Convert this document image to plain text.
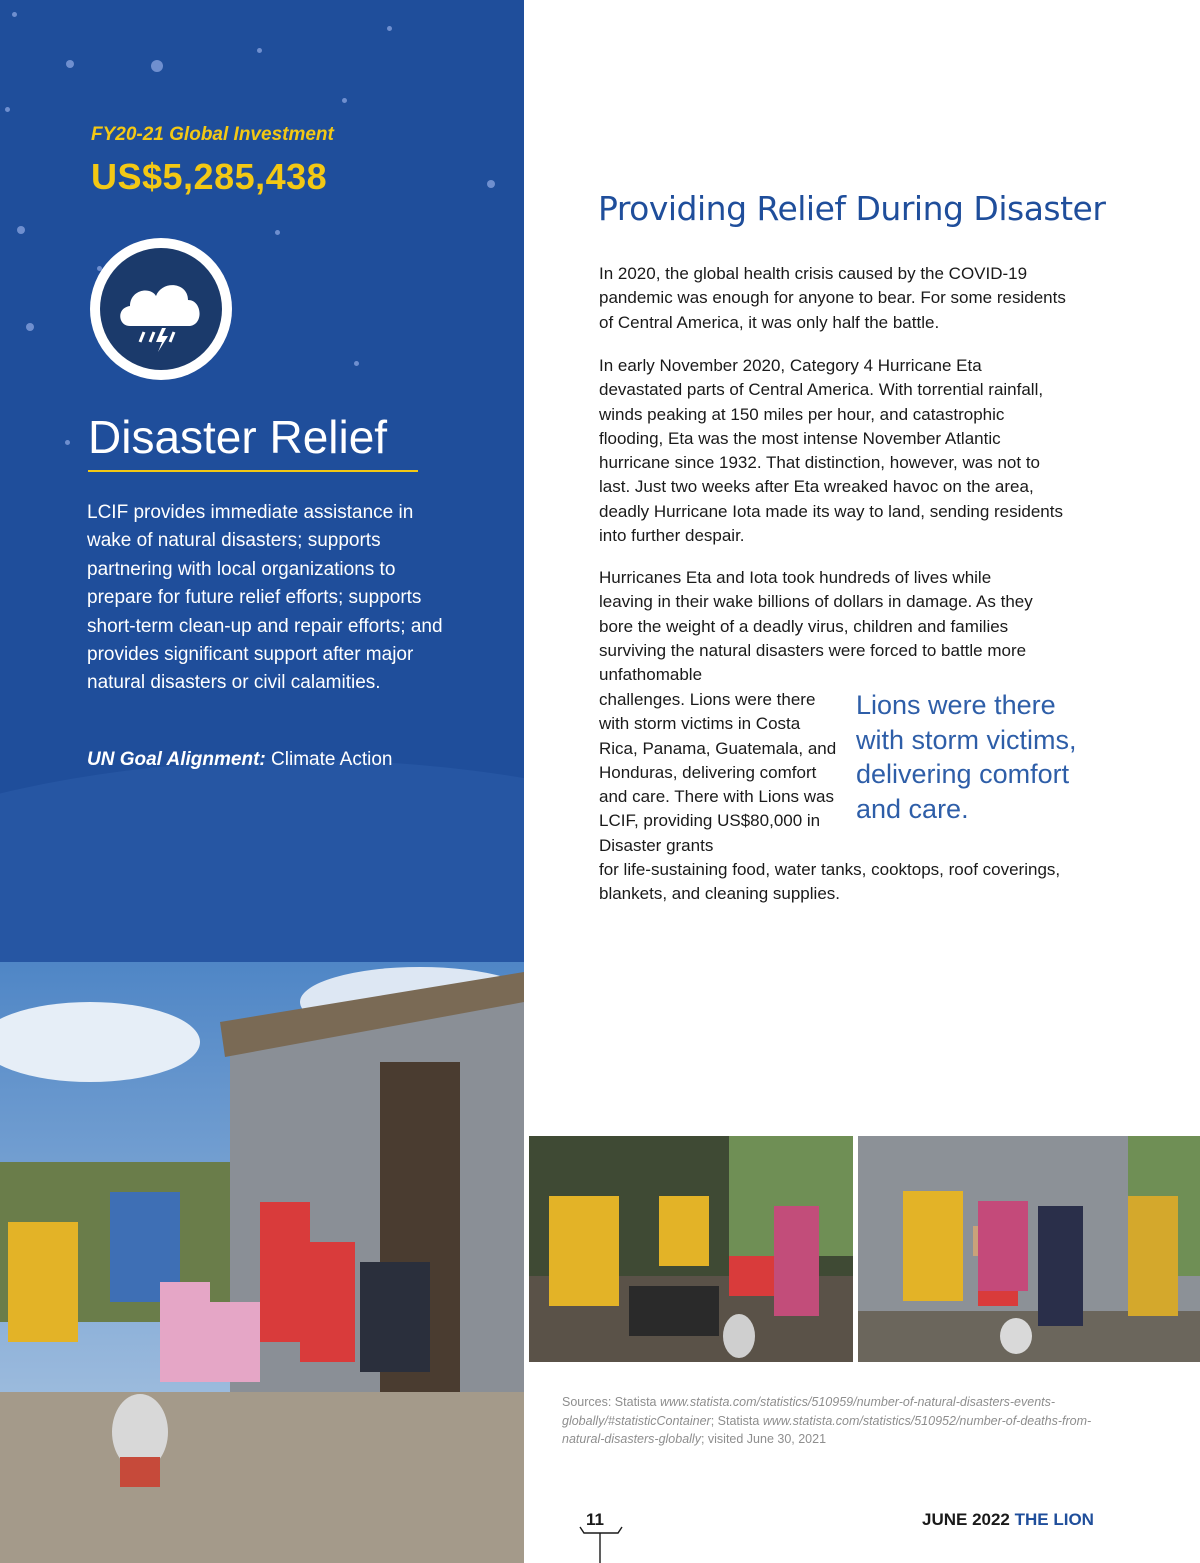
FY20-21 Global Investment

US$5,285,438

Disaster Relief

LCIF provides immediate assistance in wake of natural disasters; supports partnering with local organizations to prepare for future relief efforts; supports short-term clean-up and repair efforts; and provides significant support after major natural disasters or civil calamities.

UN Goal Alignment: Climate Action

Providing Relief During Disaster

In 2020, the global health crisis caused by the COVID-19 pandemic was enough for anyone to bear. For some residents of Central America, it was only half the battle.

In early November 2020, Category 4 Hurricane Eta devastated parts of Central America. With torrential rainfall, winds peaking at 150 miles per hour, and catastrophic flooding, Eta was the most intense November Atlantic hurricane since 1932. That distinction, however, was not to last. Just two weeks after Eta wreaked havoc on the area, deadly Hurricane Iota made its way to land, sending residents into further despair.

Hurricanes Eta and Iota took hundreds of lives while leaving in their wake billions of dollars in damage. As they bore the weight of a deadly virus, children and families surviving the natural disasters were forced to battle more unfathomable

challenges. Lions were there with storm victims in Costa Rica, Panama, Guatemala, and Honduras, delivering comfort and care. There with Lions was LCIF, providing US$80,000 in Disaster grants

Lions were there with storm victims, delivering comfort and care.

for life-sustaining food, water tanks, cooktops, roof coverings, blankets, and cleaning supplies.

Sources: Statista www.statista.com/statistics/510959/number-of-natural-disasters-events-globally/#statisticContainer; Statista www.statista.com/statistics/510952/number-of-deaths-from-natural-disasters-globally; visited June 30, 2021

11	JUNE 2022 THE LION
